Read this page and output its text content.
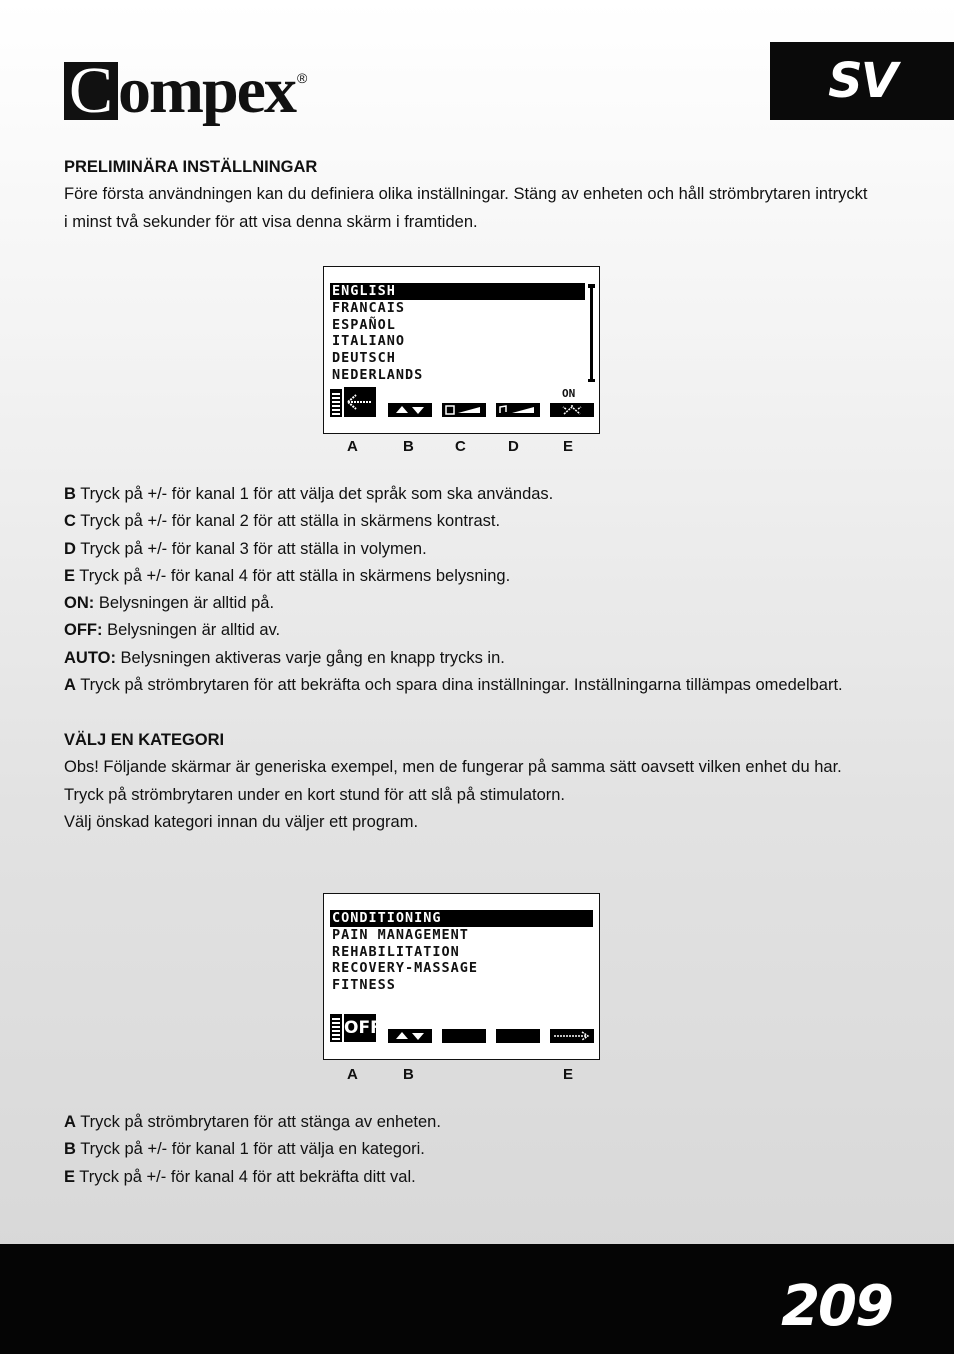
C ompex ®	SV
PRELIMINÄRA INSTÄLLNINGAR
Före första användningen kan du definiera olika inställningar. Stäng av enheten och håll strömbrytaren intryckt
i minst två sekunder för att visa denna skärm i framtiden.
ENGLISH
FRANCAIS
ESPAÑOL
ITALIANO
DEUTSCH
NEDERLANDS
ON
A	B	C	D	E
B Tryck på +/- för kanal 1 för att välja det språk som ska användas.
C Tryck på +/- för kanal 2 för att ställa in skärmens kontrast.
D Tryck på +/- för kanal 3 för att ställa in volymen.
E Tryck på +/- för kanal 4 för att ställa in skärmens belysning.
ON: Belysningen är alltid på.
OFF: Belysningen är alltid av.
AUTO: Belysningen aktiveras varje gång en knapp trycks in.
A Tryck på strömbrytaren för att bekräfta och spara dina inställningar. Inställningarna tillämpas omedelbart.
VÄLJ EN KATEGORI
Obs! Följande skärmar är generiska exempel, men de fungerar på samma sätt oavsett vilken enhet du har.
Tryck på strömbrytaren under en kort stund för att slå på stimulatorn.
Välj önskad kategori innan du väljer ett program.
CONDITIONING
PAIN MANAGEMENT
REHABILITATION
RECOVERY-MASSAGE
FITNESS
OFF
A	B	E
A Tryck på strömbrytaren för att stänga av enheten.
B Tryck på +/- för kanal 1 för att välja en kategori.
E Tryck på +/- för kanal 4 för att bekräfta ditt val.
209
